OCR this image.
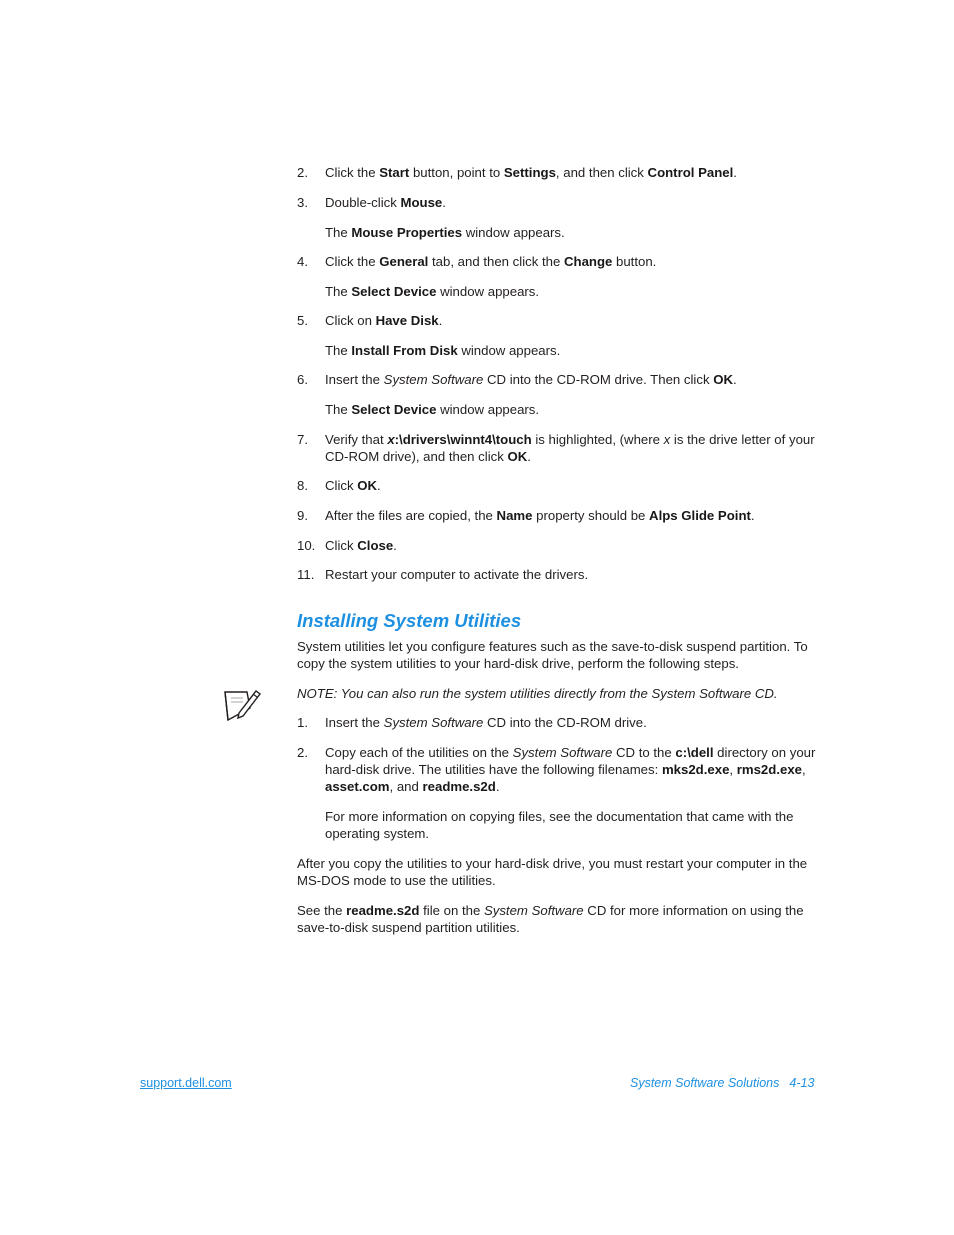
2. Click the Start button, point to Settings, and then click Control Panel.
3. Double-click Mouse.
The Mouse Properties window appears.
4. Click the General tab, and then click the Change button.
The Select Device window appears.
5. Click on Have Disk.
The Install From Disk window appears.
6. Insert the System Software CD into the CD-ROM drive. Then click OK.
The Select Device window appears.
7. Verify that x:\drivers\winnt4\touch is highlighted, (where x is the drive letter of your CD-ROM drive), and then click OK.
8. Click OK.
9. After the files are copied, the Name property should be Alps Glide Point.
10. Click Close.
11. Restart your computer to activate the drivers.
Installing System Utilities
System utilities let you configure features such as the save-to-disk suspend partition. To copy the system utilities to your hard-disk drive, perform the following steps.
NOTE: You can also run the system utilities directly from the System Software CD.
1. Insert the System Software CD into the CD-ROM drive.
2. Copy each of the utilities on the System Software CD to the c:\dell directory on your hard-disk drive. The utilities have the following filenames: mks2d.exe, rms2d.exe, asset.com, and readme.s2d.
For more information on copying files, see the documentation that came with the operating system.
After you copy the utilities to your hard-disk drive, you must restart your computer in the MS-DOS mode to use the utilities.
See the readme.s2d file on the System Software CD for more information on using the save-to-disk suspend partition utilities.
support.dell.com	System Software Solutions 4-13
